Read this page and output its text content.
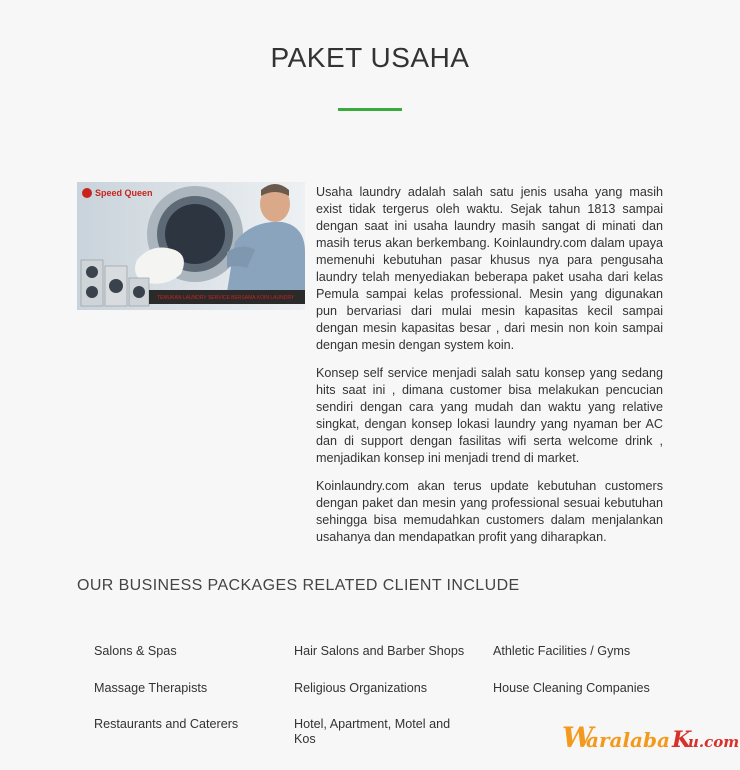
PAKET USAHA
TEMUKAN LAUNDRY SERVICE BERSAMA KOIN LAUNDRY
Speed Queen	Usaha laundry adalah salah satu jenis usaha yang masih exist tidak tergerus oleh waktu. Sejak tahun 1813 sampai dengan saat ini usaha laundry masih sangat di minati dan masih terus akan berkembang. Koinlaundry.com dalam upaya memenuhi kebutuhan pasar khusus nya para pengusaha laundry telah menyediakan beberapa paket usaha dari kelas Pemula sampai kelas professional. Mesin yang digunakan pun bervariasi dari mulai mesin kapasitas kecil sampai dengan mesin kapasitas besar , dari mesin non koin sampai dengan mesin dengan system koin.

Konsep self service menjadi salah satu konsep yang sedang hits saat ini , dimana customer bisa melakukan pencucian sendiri dengan cara yang mudah dan waktu yang relative singkat, dengan konsep lokasi laundry yang nyaman ber AC dan di support dengan fasilitas wifi serta welcome drink , menjadikan konsep ini menjadi trend di market.

Koinlaundry.com akan terus update kebutuhan customers dengan paket dan mesin yang professional sesuai kebutuhan sehingga bisa memudahkan customers dalam menjalankan usahanya dan mendapatkan profit yang diharapkan.

OUR BUSINESS PACKAGES RELATED CLIENT INCLUDE
Salons & Spas	Hair Salons and Barber Shops	Athletic Facilities / Gyms
Massage Therapists	Religious Organizations	House Cleaning Companies
Restaurants and Caterers	Hotel, Apartment, Motel and Kos	W
aralaba K
u.com
